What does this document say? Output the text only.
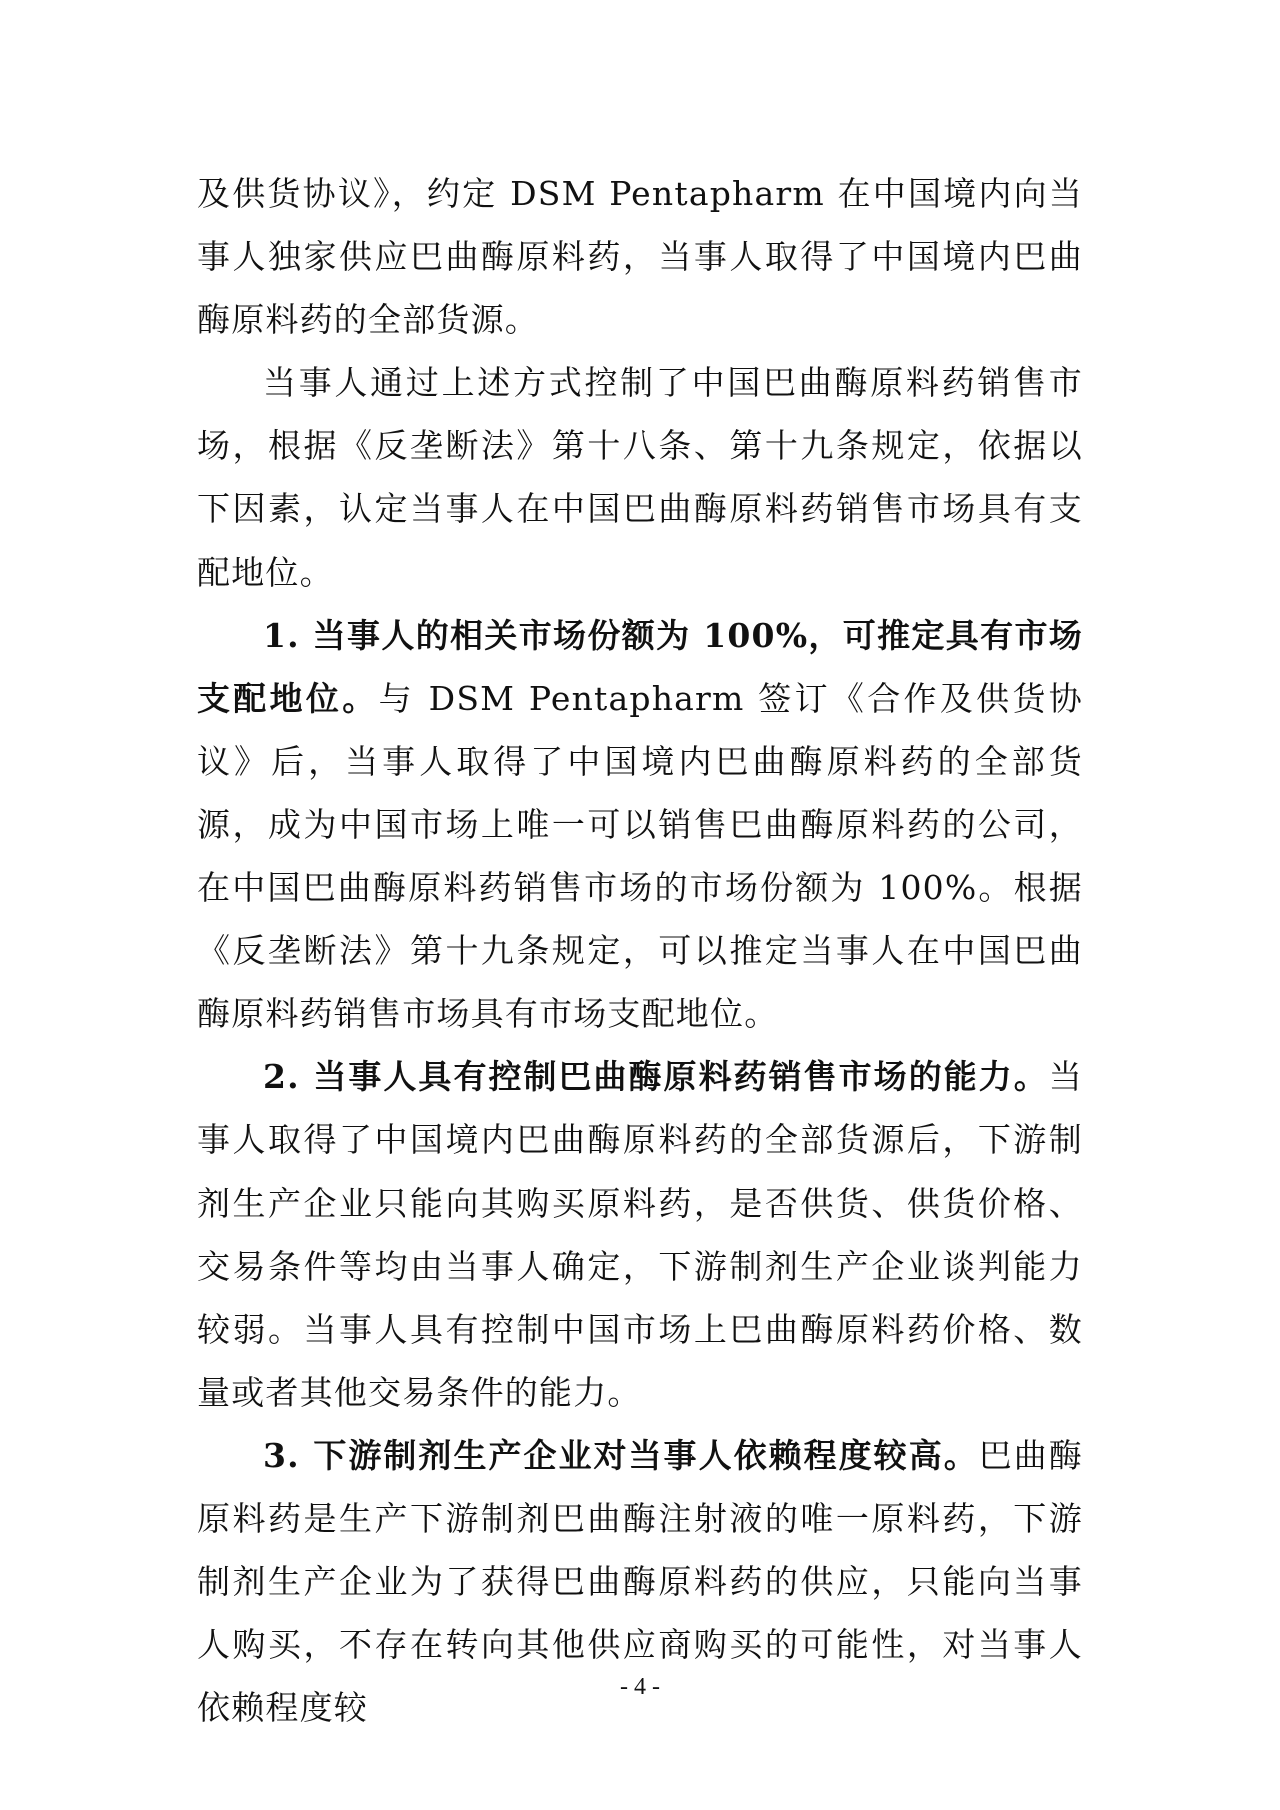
及供货协议》，约定 DSM Pentapharm 在中国境内向当事人独家供应巴曲酶原料药，当事人取得了中国境内巴曲酶原料药的全部货源。

当事人通过上述方式控制了中国巴曲酶原料药销售市场，根据《反垄断法》第十八条、第十九条规定，依据以下因素，认定当事人在中国巴曲酶原料药销售市场具有支配地位。

1. 当事人的相关市场份额为 100%，可推定具有市场支配地位。与 DSM Pentapharm 签订《合作及供货协议》后，当事人取得了中国境内巴曲酶原料药的全部货源，成为中国市场上唯一可以销售巴曲酶原料药的公司，在中国巴曲酶原料药销售市场的市场份额为 100%。根据《反垄断法》第十九条规定，可以推定当事人在中国巴曲酶原料药销售市场具有市场支配地位。

2. 当事人具有控制巴曲酶原料药销售市场的能力。当事人取得了中国境内巴曲酶原料药的全部货源后，下游制剂生产企业只能向其购买原料药，是否供货、供货价格、交易条件等均由当事人确定，下游制剂生产企业谈判能力较弱。当事人具有控制中国市场上巴曲酶原料药价格、数量或者其他交易条件的能力。

3. 下游制剂生产企业对当事人依赖程度较高。巴曲酶原料药是生产下游制剂巴曲酶注射液的唯一原料药，下游制剂生产企业为了获得巴曲酶原料药的供应，只能向当事人购买，不存在转向其他供应商购买的可能性，对当事人依赖程度较

- 4 -
